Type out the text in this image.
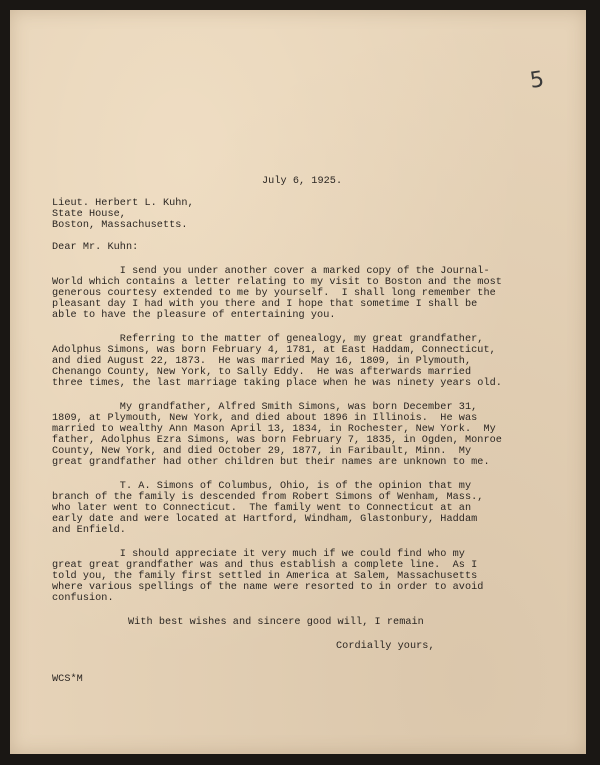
5
July 6, 1925.
Lieut. Herbert L. Kuhn,
State House,
Boston, Massachusetts.
Dear Mr. Kuhn:
I send you under another cover a marked copy of the Journal-
World which contains a letter relating to my visit to Boston and the most
generous courtesy extended to me by yourself.  I shall long remember the
pleasant day I had with you there and I hope that sometime I shall be
able to have the pleasure of entertaining you.
Referring to the matter of genealogy, my great grandfather,
Adolphus Simons, was born February 4, 1781, at East Haddam, Connecticut,
and died August 22, 1873.  He was married May 16, 1809, in Plymouth,
Chenango County, New York, to Sally Eddy.  He was afterwards married
three times, the last marriage taking place when he was ninety years old.
My grandfather, Alfred Smith Simons, was born December 31,
1809, at Plymouth, New York, and died about 1896 in Illinois.  He was
married to wealthy Ann Mason April 13, 1834, in Rochester, New York.  My
father, Adolphus Ezra Simons, was born February 7, 1835, in Ogden, Monroe
County, New York, and died October 29, 1877, in Faribault, Minn.  My
great grandfather had other children but their names are unknown to me.
T. A. Simons of Columbus, Ohio, is of the opinion that my
branch of the family is descended from Robert Simons of Wenham, Mass.,
who later went to Connecticut.  The family went to Connecticut at an
early date and were located at Hartford, Windham, Glastonbury, Haddam
and Enfield.
I should appreciate it very much if we could find who my
great great grandfather was and thus establish a complete line.  As I
told you, the family first settled in America at Salem, Massachusetts
where various spellings of the name were resorted to in order to avoid
confusion.
With best wishes and sincere good will, I remain
Cordially yours,
WCS*M
